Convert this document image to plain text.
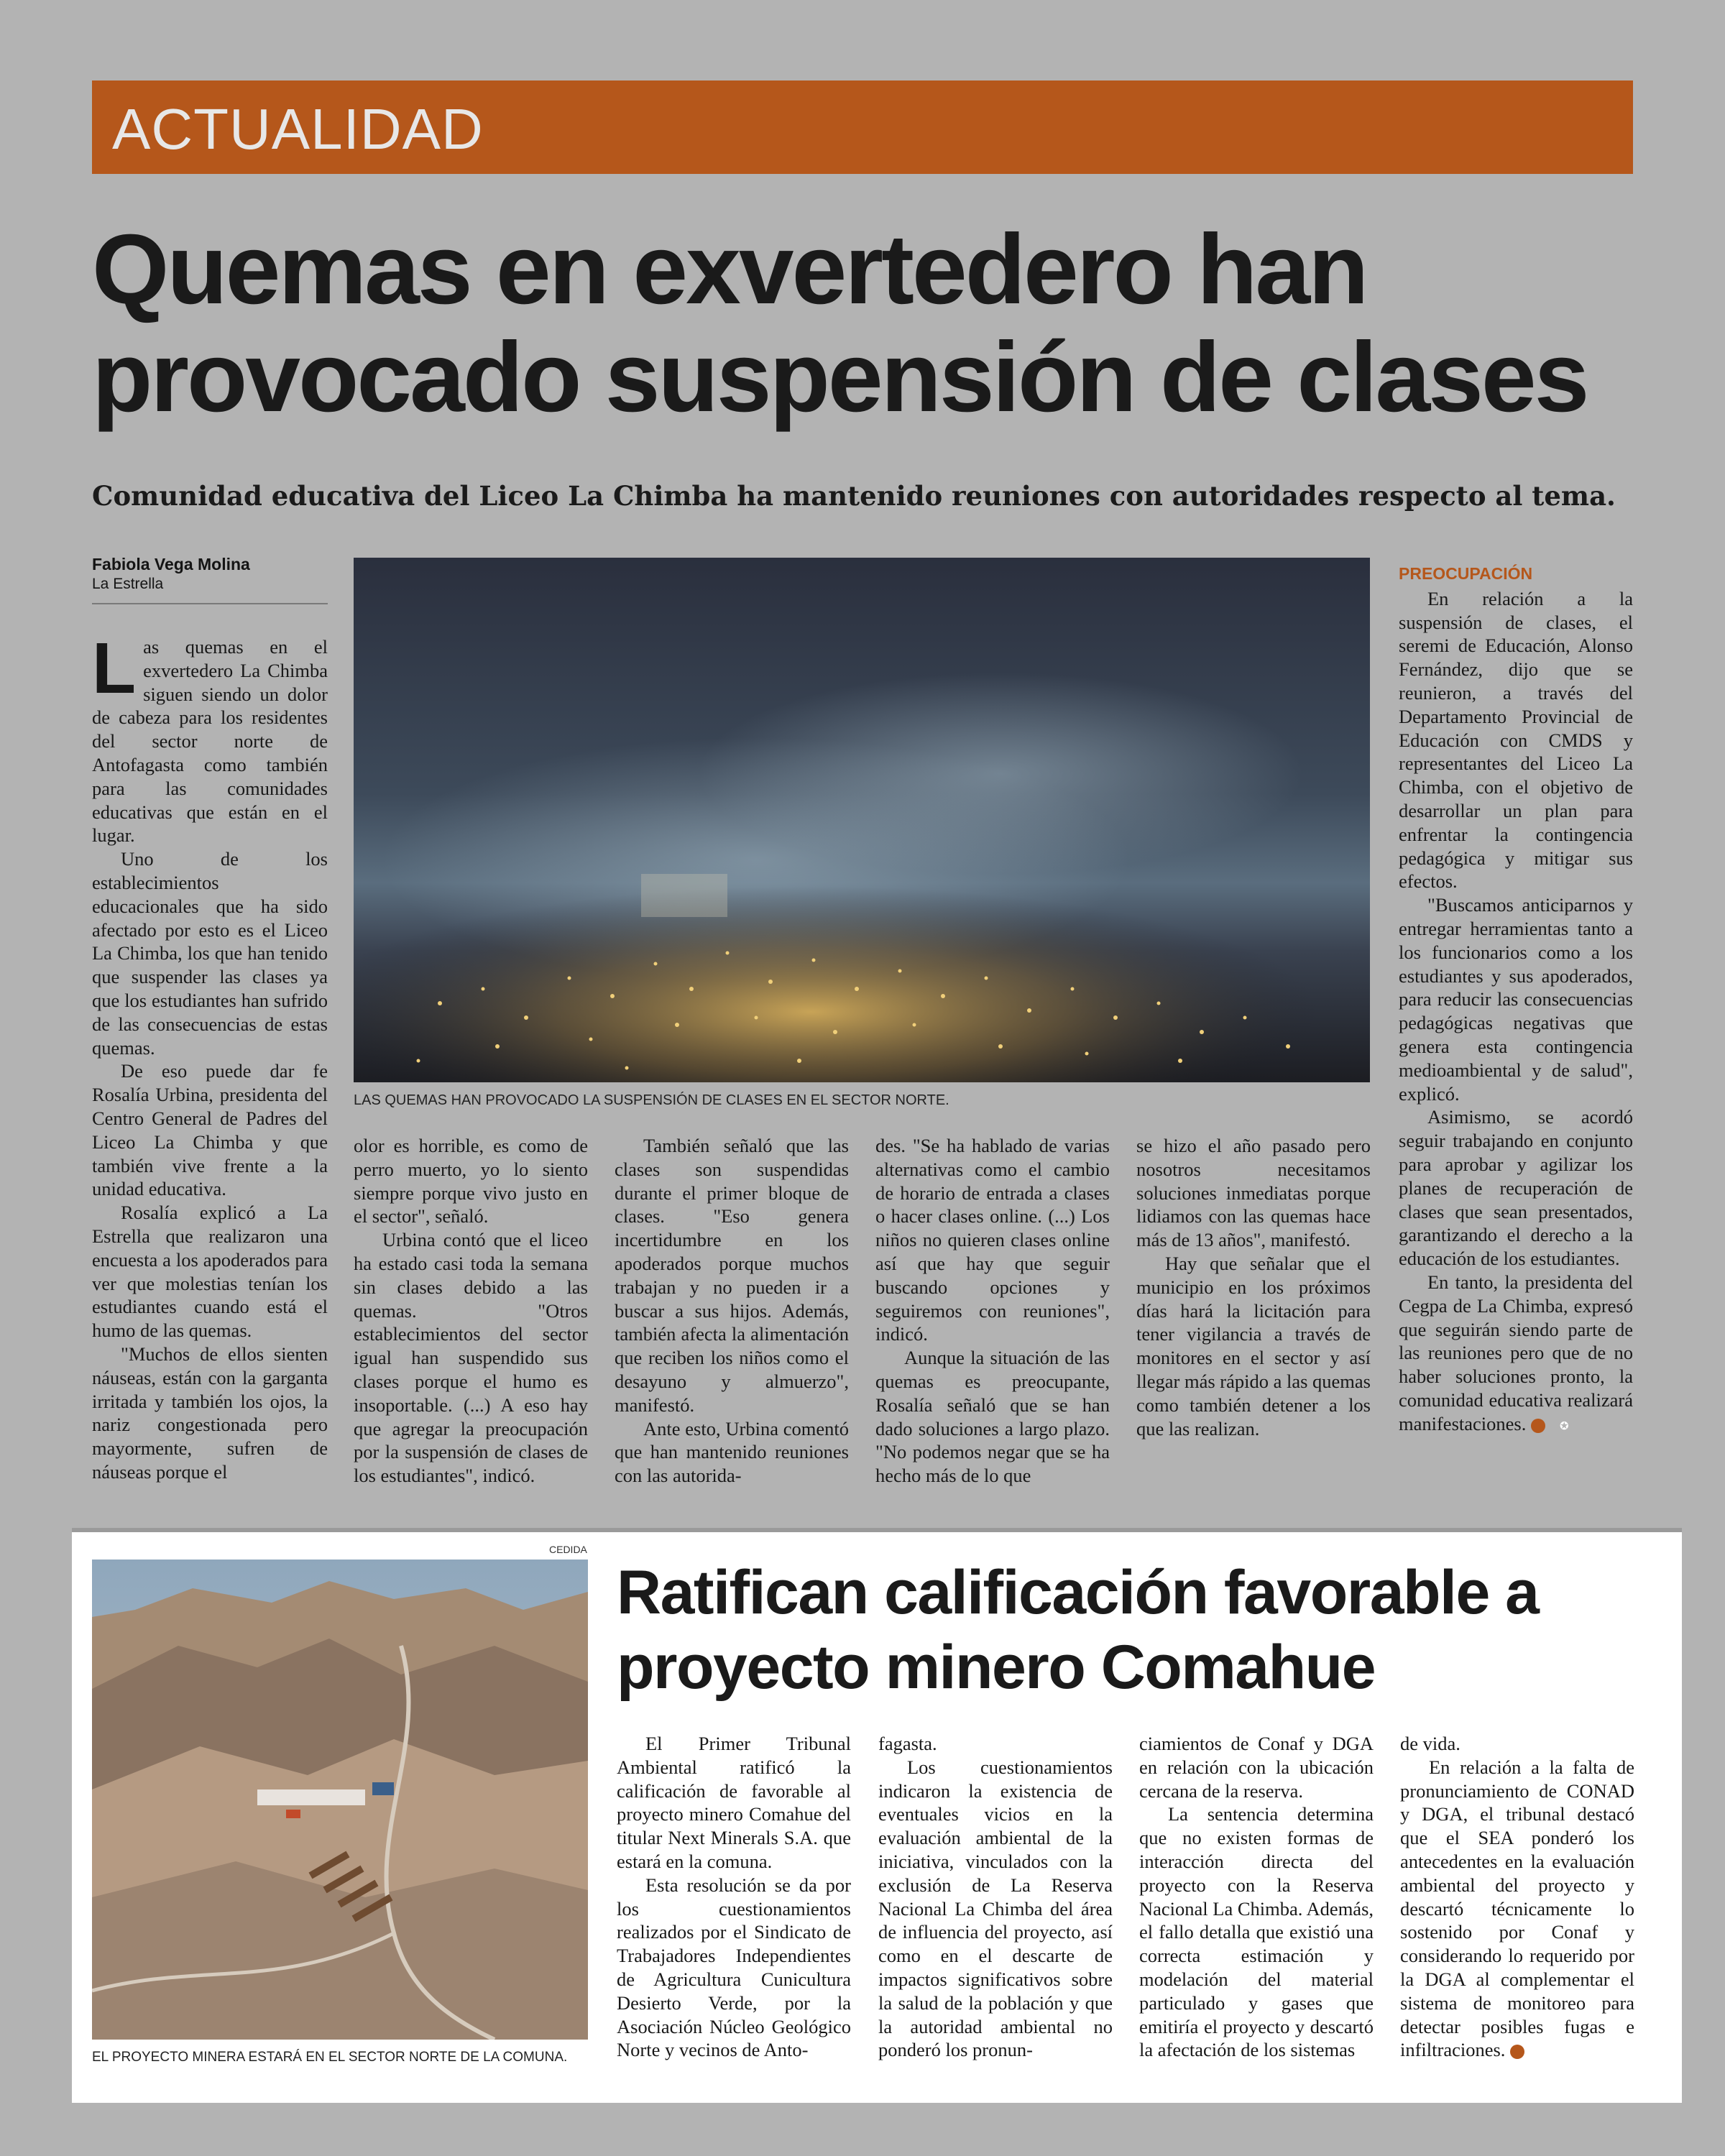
ACTUALIDAD
Quemas en exvertedero han provocado suspensión de clases
Comunidad educativa del Liceo La Chimba ha mantenido reuniones con autoridades respecto al tema.
Fabiola Vega Molina
La Estrella

Las quemas en el exvertedero La Chimba siguen siendo un dolor de cabeza para los residentes del sector norte de Antofagasta como también para las comunidades educativas que están en el lugar.

Uno de los establecimientos educacionales que ha sido afectado por esto es el Liceo La Chimba, los que han tenido que suspender las clases ya que los estudiantes han sufrido de las consecuencias de estas quemas.

De eso puede dar fe Rosalía Urbina, presidenta del Centro General de Padres del Liceo La Chimba y que también vive frente a la unidad educativa.

Rosalía explicó a La Estrella que realizaron una encuesta a los apoderados para ver que molestias tenían los estudiantes cuando está el humo de las quemas.

"Muchos de ellos sienten náuseas, están con la garganta irritada y también los ojos, la nariz congestionada pero mayormente, sufren de náuseas porque el

LAS QUEMAS HAN PROVOCADO LA SUSPENSIÓN DE CLASES EN EL SECTOR NORTE.

olor es horrible, es como de perro muerto, yo lo siento siempre porque vivo justo en el sector", señaló.

Urbina contó que el liceo ha estado casi toda la semana sin clases debido a las quemas. "Otros establecimientos del sector igual han suspendido sus clases porque el humo es insoportable. (...) A eso hay que agregar la preocupación por la suspensión de clases de los estudiantes", indicó.

También señaló que las clases son suspendidas durante el primer bloque de clases. "Eso genera incertidumbre en los apoderados porque muchos trabajan y no pueden ir a buscar a sus hijos. Además, también afecta la alimentación que reciben los niños como el desayuno y almuerzo", manifestó.

Ante esto, Urbina comentó que han mantenido reuniones con las autorida-

des. "Se ha hablado de varias alternativas como el cambio de horario de entrada a clases o hacer clases online. (...) Los niños no quieren clases online así que hay que seguir buscando opciones y seguiremos con reuniones", indicó.

Aunque la situación de las quemas es preocupante, Rosalía señaló que se han dado soluciones a largo plazo. "No podemos negar que se ha hecho más de lo que

se hizo el año pasado pero nosotros necesitamos soluciones inmediatas porque lidiamos con las quemas hace más de 13 años", manifestó.

Hay que señalar que el municipio en los próximos días hará la licitación para tener vigilancia a través de monitores en el sector y así llegar más rápido a las quemas como también detener a los que las realizan.

PREOCUPACIÓN

En relación a la suspensión de clases, el seremi de Educación, Alonso Fernández, dijo que se reunieron, a través del Departamento Provincial de Educación con CMDS y representantes del Liceo La Chimba, con el objetivo de desarrollar un plan para enfrentar la contingencia pedagógica y mitigar sus efectos.

"Buscamos anticiparnos y entregar herramientas tanto a los funcionarios como a los estudiantes y sus apoderados, para reducir las consecuencias pedagógicas negativas que genera esta contingencia medioambiental y de salud", explicó.

Asimismo, se acordó seguir trabajando en conjunto para aprobar y agilizar los planes de recuperación de clases que sean presentados, garantizando el derecho a la educación de los estudiantes.

En tanto, la presidenta del Cegpa de La Chimba, expresó que seguirán siendo parte de las reuniones pero que de no haber soluciones pronto, la comunidad educativa realizará manifestaciones.	✪

CEDIDA
EL PROYECTO MINERA ESTARÁ EN EL SECTOR NORTE DE LA COMUNA.
Ratifican calificación favorable a proyecto minero Comahue

El Primer Tribunal Ambiental ratificó la calificación de favorable al proyecto minero Comahue del titular Next Minerals S.A. que estará en la comuna.

Esta resolución se da por los cuestionamientos realizados por el Sindicato de Trabajadores Independientes de Agricultura Cunicultura Desierto Verde, por la Asociación Núcleo Geológico Norte y vecinos de Anto-

fagasta.

Los cuestionamientos indicaron la existencia de eventuales vicios en la evaluación ambiental de la iniciativa, vinculados con la exclusión de La Reserva Nacional La Chimba del área de influencia del proyecto, así como en el descarte de impactos significativos sobre la salud de la población y que la autoridad ambiental no ponderó los pronun-

ciamientos de Conaf y DGA en relación con la ubicación cercana de la reserva.

La sentencia determina que no existen formas de interacción directa del proyecto con la Reserva Nacional La Chimba. Además, el fallo detalla que existió una correcta estimación y modelación del material particulado y gases que emitiría el proyecto y descartó la afectación de los sistemas

de vida.

En relación a la falta de pronunciamiento de CONAD y DGA, el tribunal destacó que el SEA ponderó los antecedentes en la evaluación ambiental del proyecto y descartó técnicamente lo sostenido por Conaf y considerando lo requerido por la DGA al complementar el sistema de monitoreo para detectar posibles fugas e infiltraciones.	✪
